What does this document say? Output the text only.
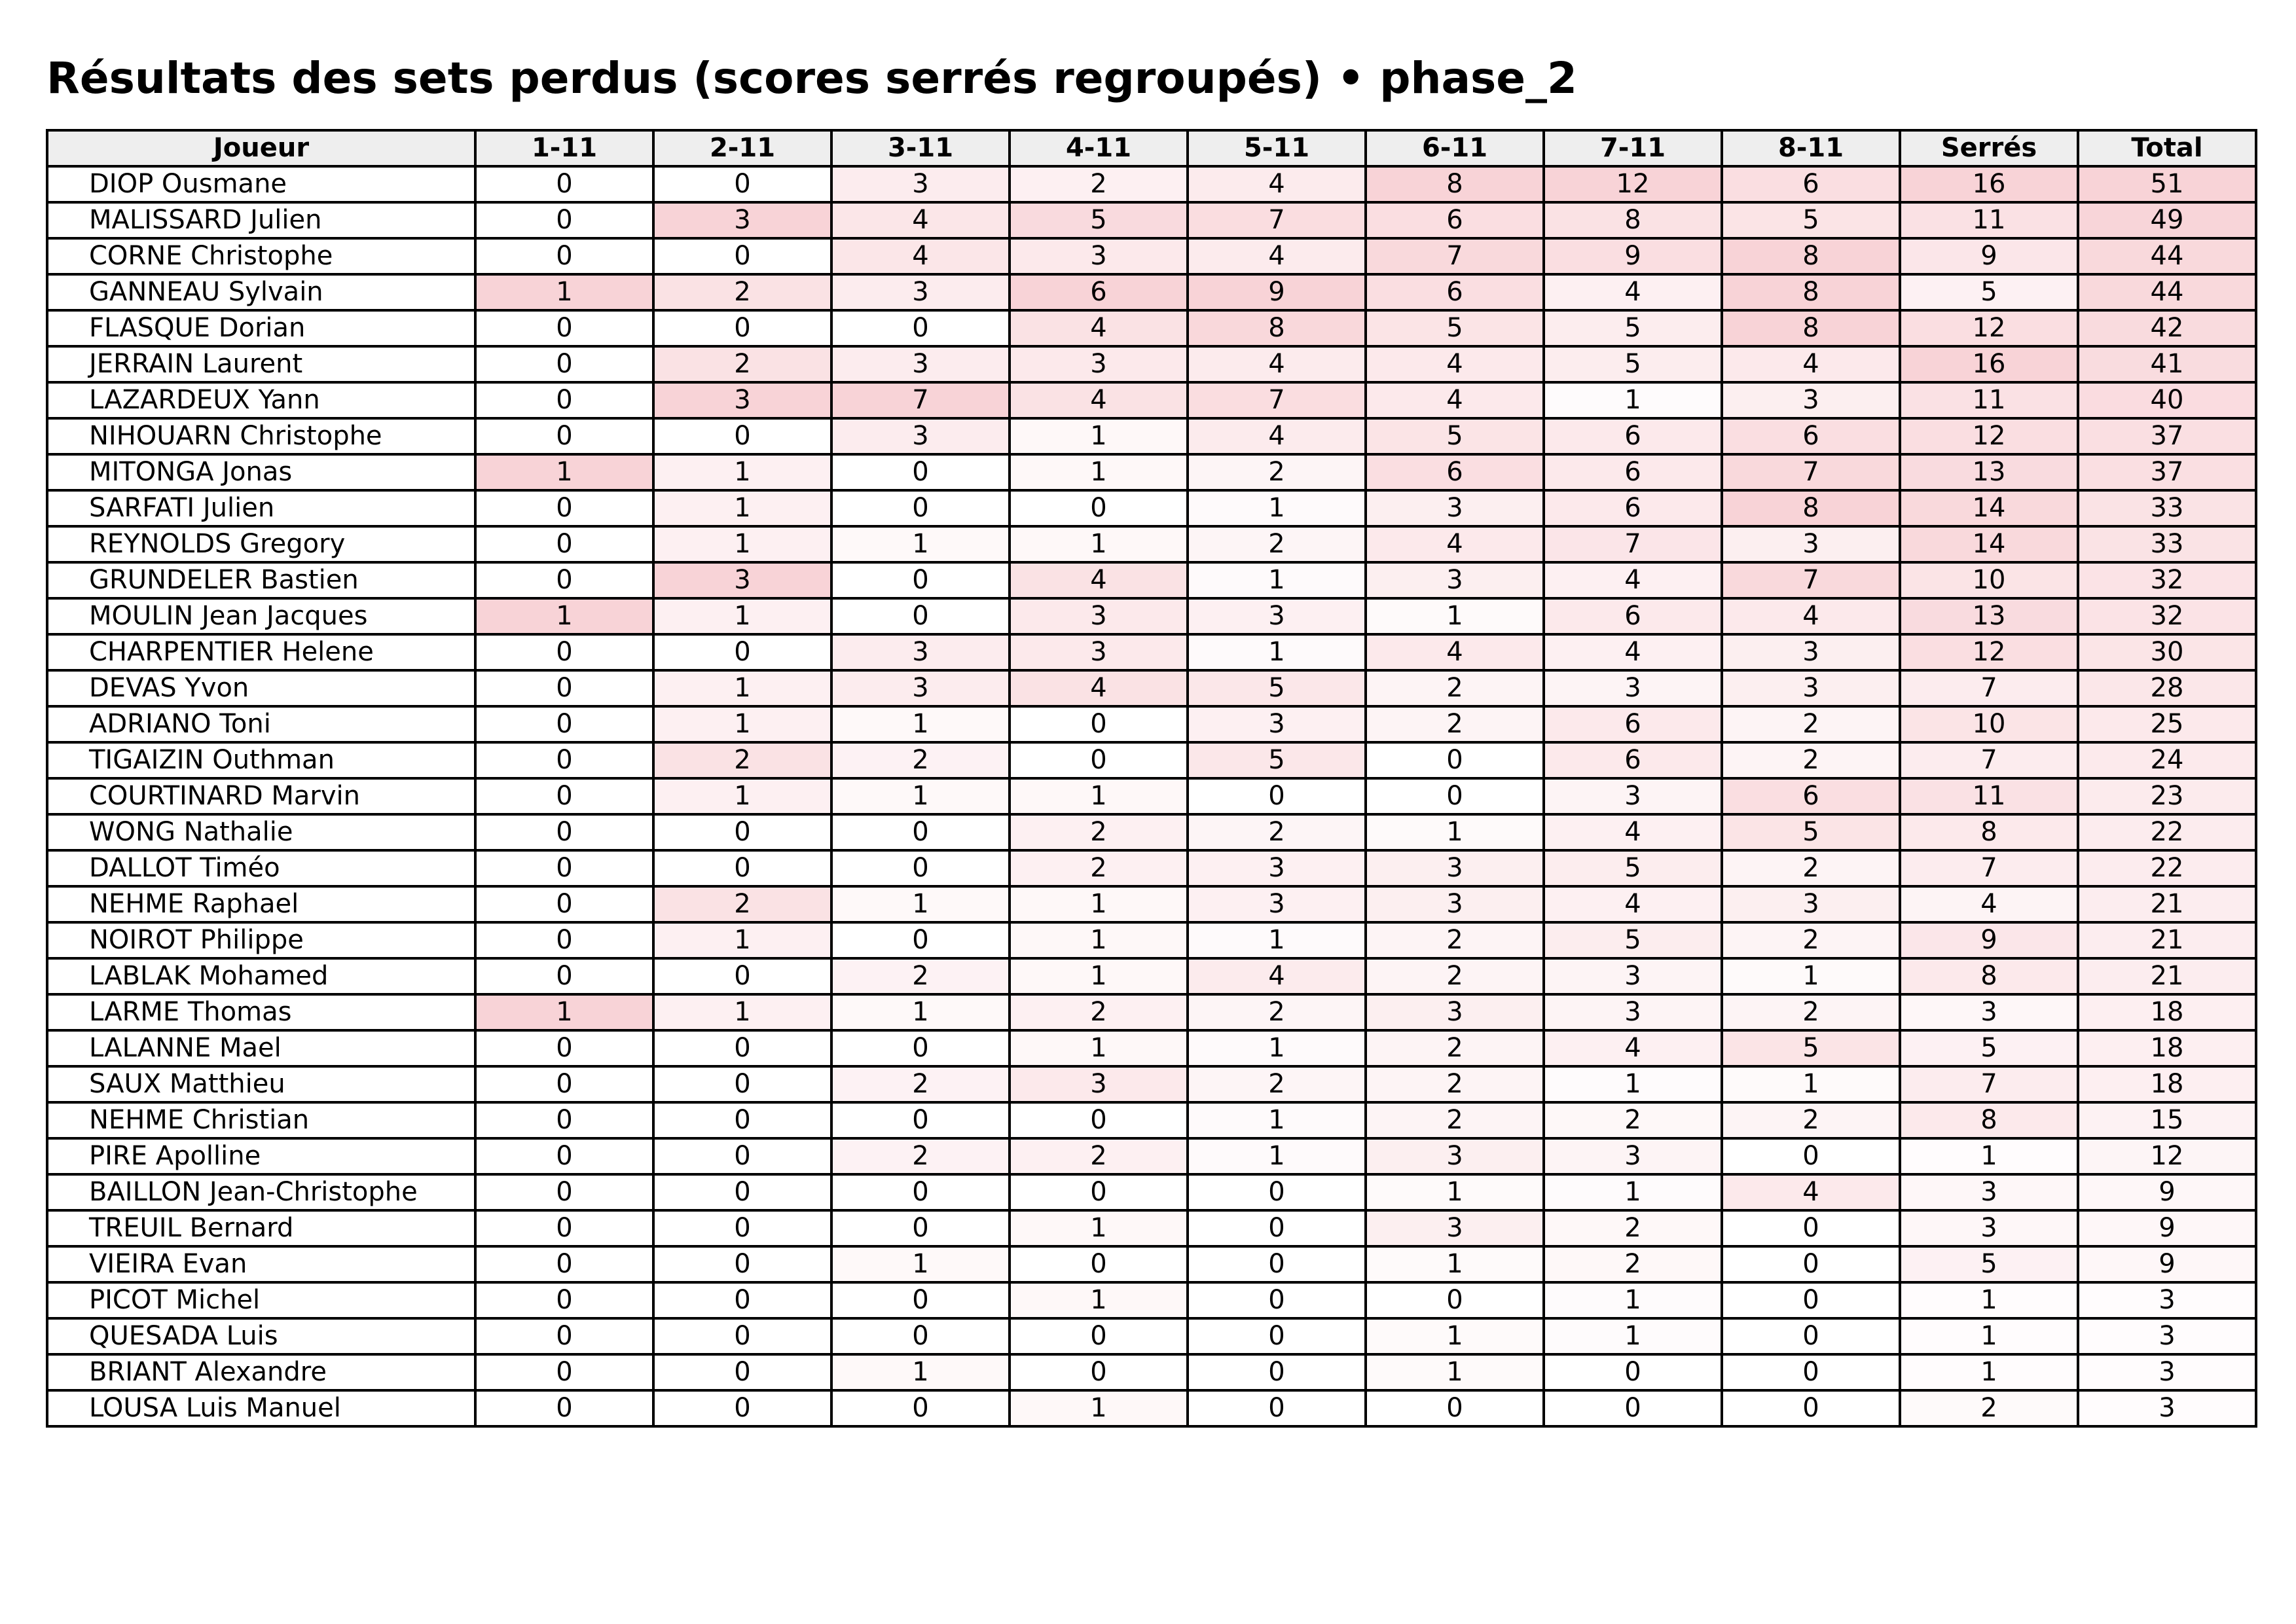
Résultats des sets perdus (scores serrés regroupés) • phase_2
Joueur	1-11	2-11	3-11	4-11	5-11	6-11	7-11	8-11	Serrés	Total
DIOP Ousmane	0	0	3	2	4	8	12	6	16	51
MALISSARD Julien	0	3	4	5	7	6	8	5	11	49
CORNE Christophe	0	0	4	3	4	7	9	8	9	44
GANNEAU Sylvain	1	2	3	6	9	6	4	8	5	44
FLASQUE Dorian	0	0	0	4	8	5	5	8	12	42
JERRAIN Laurent	0	2	3	3	4	4	5	4	16	41
LAZARDEUX Yann	0	3	7	4	7	4	1	3	11	40
NIHOUARN Christophe	0	0	3	1	4	5	6	6	12	37
MITONGA Jonas	1	1	0	1	2	6	6	7	13	37
SARFATI Julien	0	1	0	0	1	3	6	8	14	33
REYNOLDS Gregory	0	1	1	1	2	4	7	3	14	33
GRUNDELER Bastien	0	3	0	4	1	3	4	7	10	32
MOULIN Jean Jacques	1	1	0	3	3	1	6	4	13	32
CHARPENTIER Helene	0	0	3	3	1	4	4	3	12	30
DEVAS Yvon	0	1	3	4	5	2	3	3	7	28
ADRIANO Toni	0	1	1	0	3	2	6	2	10	25
TIGAIZIN Outhman	0	2	2	0	5	0	6	2	7	24
COURTINARD Marvin	0	1	1	1	0	0	3	6	11	23
WONG Nathalie	0	0	0	2	2	1	4	5	8	22
DALLOT Timéo	0	0	0	2	3	3	5	2	7	22
NEHME Raphael	0	2	1	1	3	3	4	3	4	21
NOIROT Philippe	0	1	0	1	1	2	5	2	9	21
LABLAK Mohamed	0	0	2	1	4	2	3	1	8	21
LARME Thomas	1	1	1	2	2	3	3	2	3	18
LALANNE Mael	0	0	0	1	1	2	4	5	5	18
SAUX Matthieu	0	0	2	3	2	2	1	1	7	18
NEHME Christian	0	0	0	0	1	2	2	2	8	15
PIRE Apolline	0	0	2	2	1	3	3	0	1	12
BAILLON Jean-Christophe	0	0	0	0	0	1	1	4	3	9
TREUIL Bernard	0	0	0	1	0	3	2	0	3	9
VIEIRA Evan	0	0	1	0	0	1	2	0	5	9
PICOT Michel	0	0	0	1	0	0	1	0	1	3
QUESADA Luis	0	0	0	0	0	1	1	0	1	3
BRIANT Alexandre	0	0	1	0	0	1	0	0	1	3
LOUSA Luis Manuel	0	0	0	1	0	0	0	0	2	3
